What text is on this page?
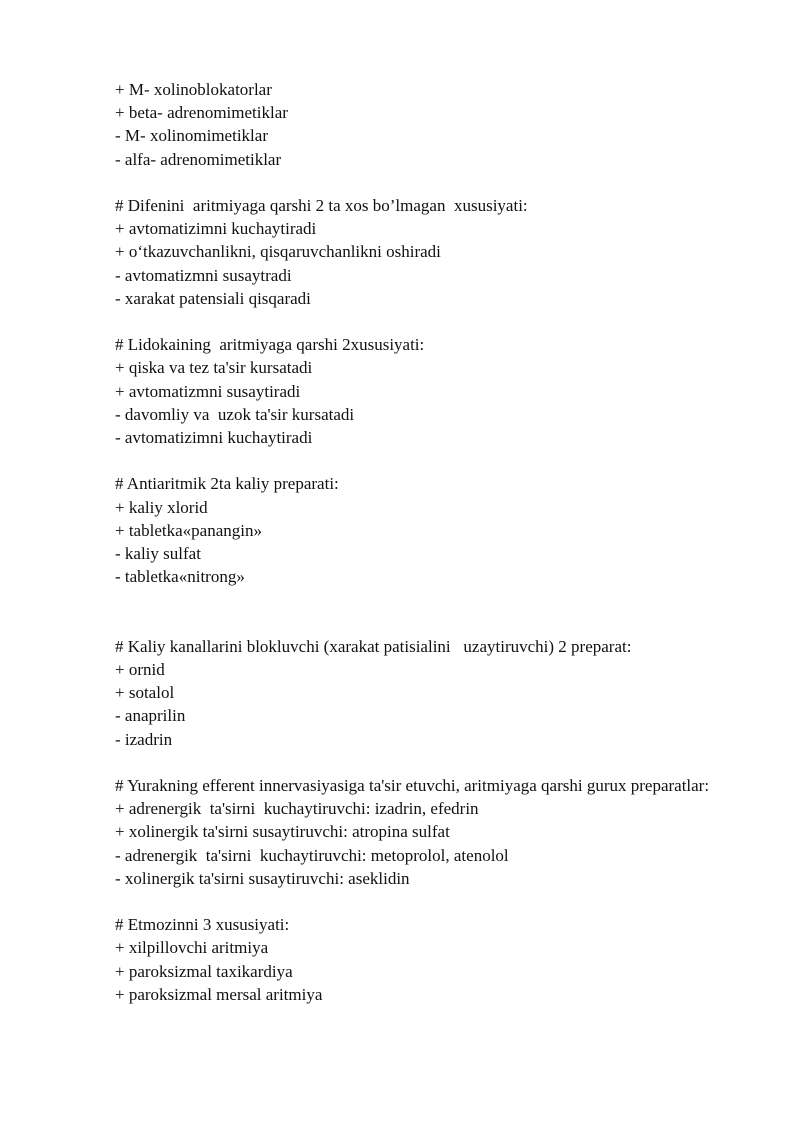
+ M- xolinoblokatorlar

+ beta- adrenomimetiklar

- M- xolinomimetiklar

- alfa- adrenomimetiklar

# Difenini  aritmiyaga qarshi 2 ta xos bo’lmagan  xususiyati:

+ avtomatizimni kuchaytiradi

+ o‘tkazuvchanlikni, qisqaruvchanlikni oshiradi

- avtomatizmni susaytradi

- xarakat patensiali qisqaradi

# Lidokaining  aritmiyaga qarshi 2xususiyati:

+ qiska va tez ta'sir kursatadi

+ avtomatizmni susaytiradi

- davomliy va  uzok ta'sir kursatadi

- avtomatizimni kuchaytiradi

# Antiaritmik 2ta kaliy preparati:

+ kaliy xlorid

+ tabletka«panangin»

- kaliy sulfat

- tabletka«nitrong»

# Kaliy kanallarini blokluvchi (xarakat patisialini   uzaytiruvchi) 2 preparat:

+ ornid

+ sotalol

- anaprilin

- izadrin

# Yurakning efferent innervasiyasiga ta'sir etuvchi, aritmiyaga qarshi gurux preparatlar:

+ adrenergik  ta'sirni  kuchaytiruvchi: izadrin, efedrin

+ xolinergik ta'sirni susaytiruvchi: atropina sulfat

- adrenergik  ta'sirni  kuchaytiruvchi: metoprolol, atenolol

- xolinergik ta'sirni susaytiruvchi: aseklidin

# Etmozinni 3 xususiyati:

+ xilpillovchi aritmiya

+ paroksizmal taxikardiya

+ paroksizmal mersal aritmiya
